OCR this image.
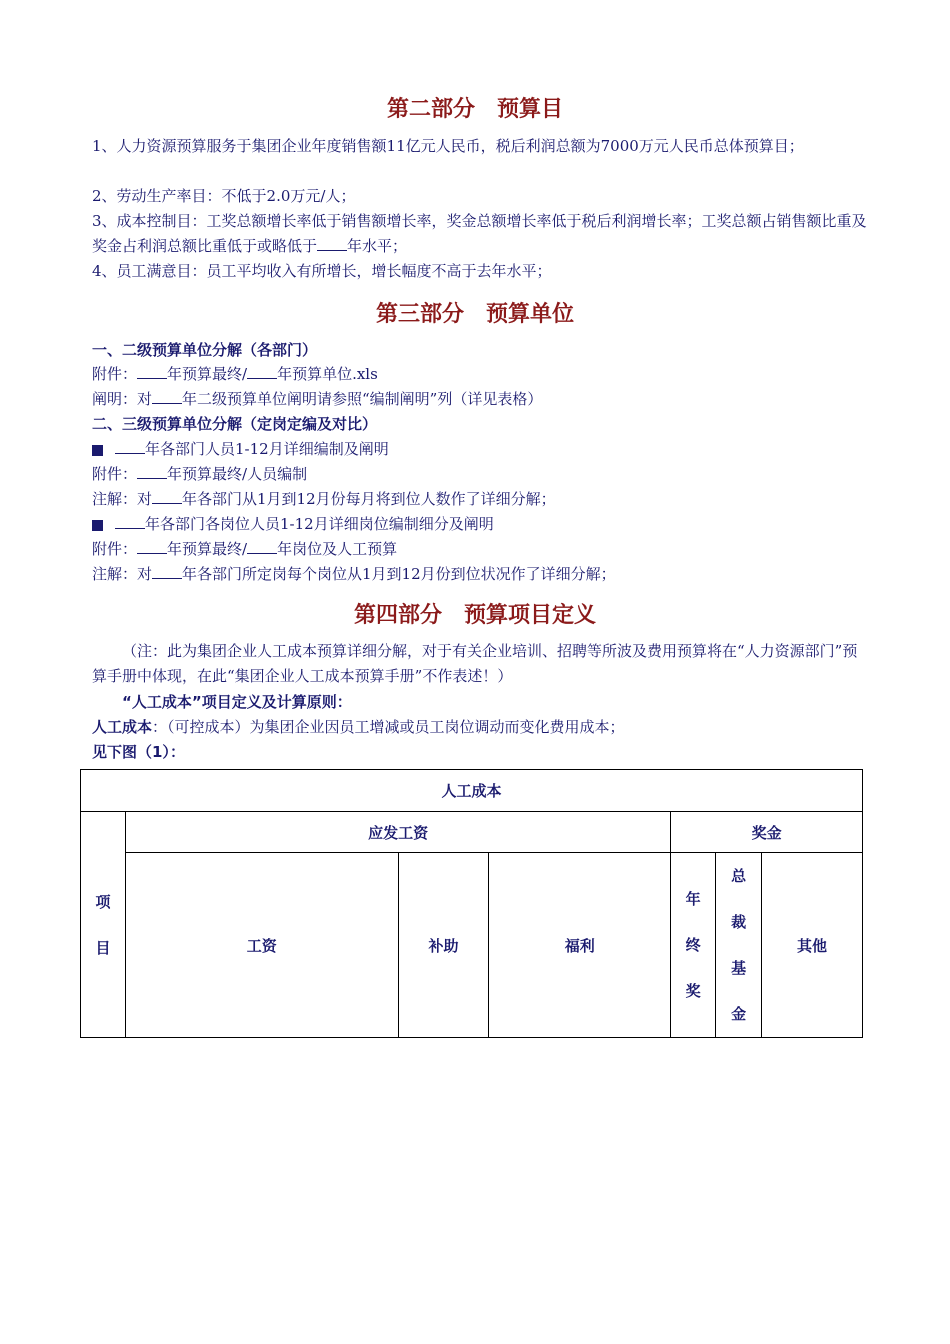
第二部分　预算目
1、人力资源预算服务于集团企业年度销售额11亿元人民币，税后利润总额为7000万元人民币总体预算目；
2、劳动生产率目：不低于2.0万元/人；
3、成本控制目：工奖总额增长率低于销售额增长率，奖金总额增长率低于税后利润增长率；工奖总额占销售额比重及奖金占利润总额比重低于或略低于 年水平；
4、员工满意目：员工平均收入有所增长，增长幅度不高于去年水平；
第三部分　预算单位
一、二级预算单位分解（各部门）
附件： 年预算最终/ 年预算单位.xls
阐明：对 年二级预算单位阐明请参照“编制阐明”列（详见表格）
二、三级预算单位分解（定岗定编及对比）
年各部门人员1-12月详细编制及阐明
附件： 年预算最终/人员编制
注解：对 年各部门从1月到12月份每月将到位人数作了详细分解；
年各部门各岗位人员1-12月详细岗位编制细分及阐明
附件： 年预算最终/ 年岗位及人工预算
注解：对 年各部门所定岗每个岗位从1月到12月份到位状况作了详细分解；
第四部分　预算项目定义
（注：此为集团企业人工成本预算详细分解，对于有关企业培训、招聘等所波及费用预算将在“人力资源部门”预算手册中体现，在此“集团企业人工成本预算手册”不作表述！）
“人工成本”项目定义及计算原则：
人工成本：（可控成本）为集团企业因员工增减或员工岗位调动而变化费用成本；
见下图（1）：
人工成本						
项目	应发工资			奖金		
	工资	补助	福利	年终奖	总裁基金	其他
